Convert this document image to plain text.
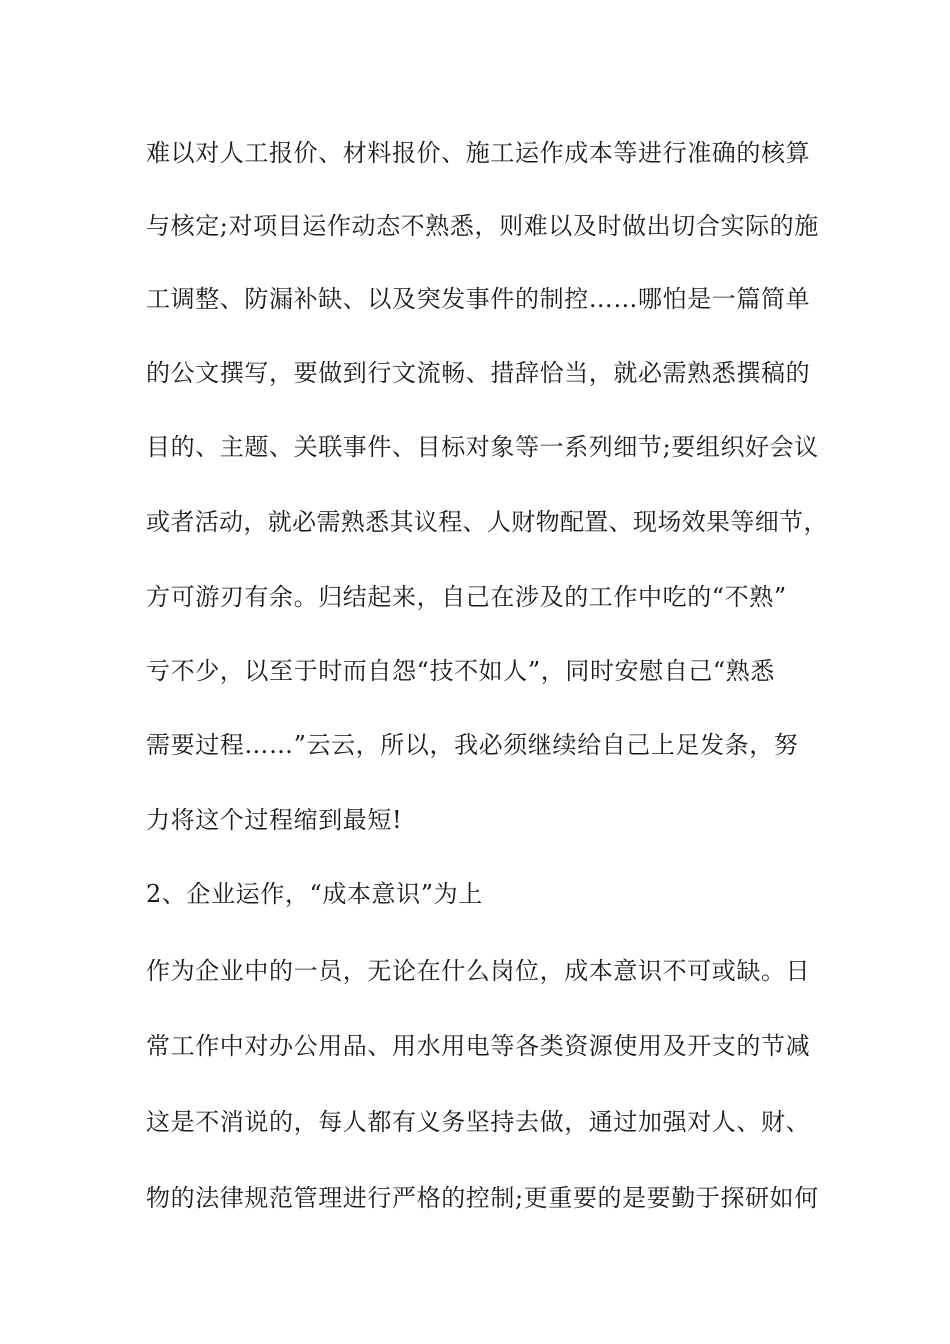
难以对人工报价、材料报价、施工运作成本等进行准确的核算
与核定;对项目运作动态不熟悉，则难以及时做出切合实际的施
工调整、防漏补缺、以及突发事件的制控……哪怕是一篇简单
的公文撰写，要做到行文流畅、措辞恰当，就必需熟悉撰稿的
目的、主题、关联事件、目标对象等一系列细节;要组织好会议
或者活动，就必需熟悉其议程、人财物配置、现场效果等细节，
方可游刃有余。归结起来，自己在涉及的工作中吃的“不熟”
亏不少，以至于时而自怨“技不如人”，同时安慰自己“熟悉
需要过程……”云云，所以，我必须继续给自己上足发条，努
力将这个过程缩到最短!
2、企业运作，“成本意识”为上
作为企业中的一员，无论在什么岗位，成本意识不可或缺。日
常工作中对办公用品、用水用电等各类资源使用及开支的节减
这是不消说的，每人都有义务坚持去做，通过加强对人、财、
物的法律规范管理进行严格的控制;更重要的是要勤于探研如何
